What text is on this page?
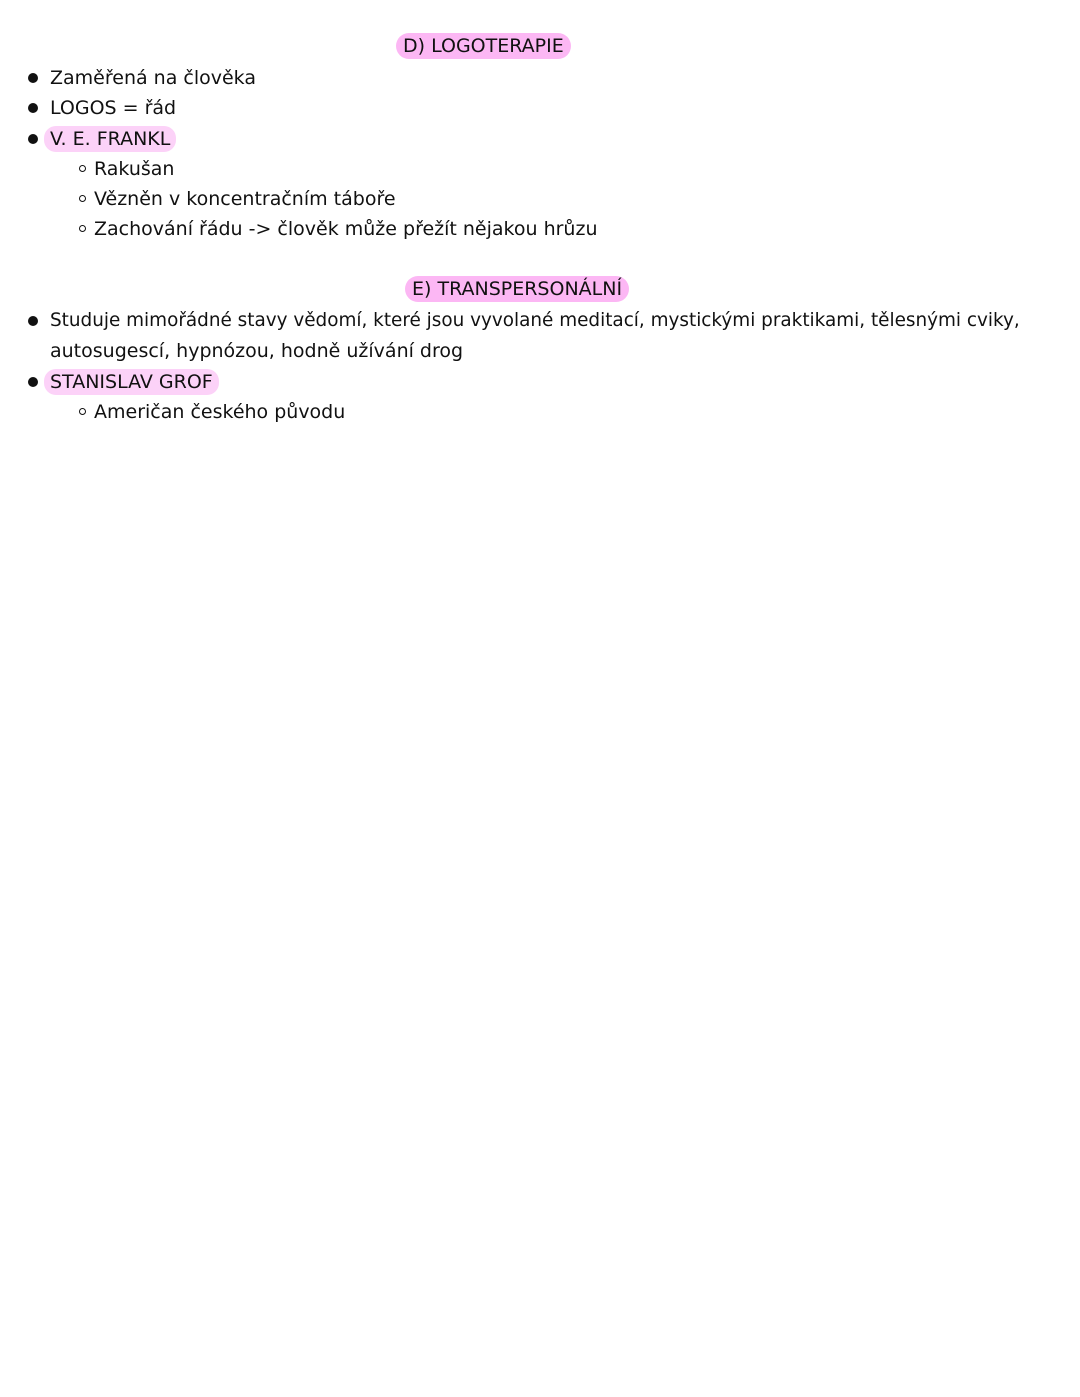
D) LOGOTERAPIE
Zaměřená na člověka
LOGOS = řád
V. E. FRANKL
Rakušan
Vězněn v koncentračním táboře
Zachování řádu -> člověk může přežít nějakou hrůzu
E) TRANSPERSONÁLNÍ
Studuje mimořádné stavy vědomí, které jsou vyvolané meditací, mystickými praktikami, tělesnými cviky,
autosugescí, hypnózou, hodně užívání drog
STANISLAV GROF
Američan českého původu
